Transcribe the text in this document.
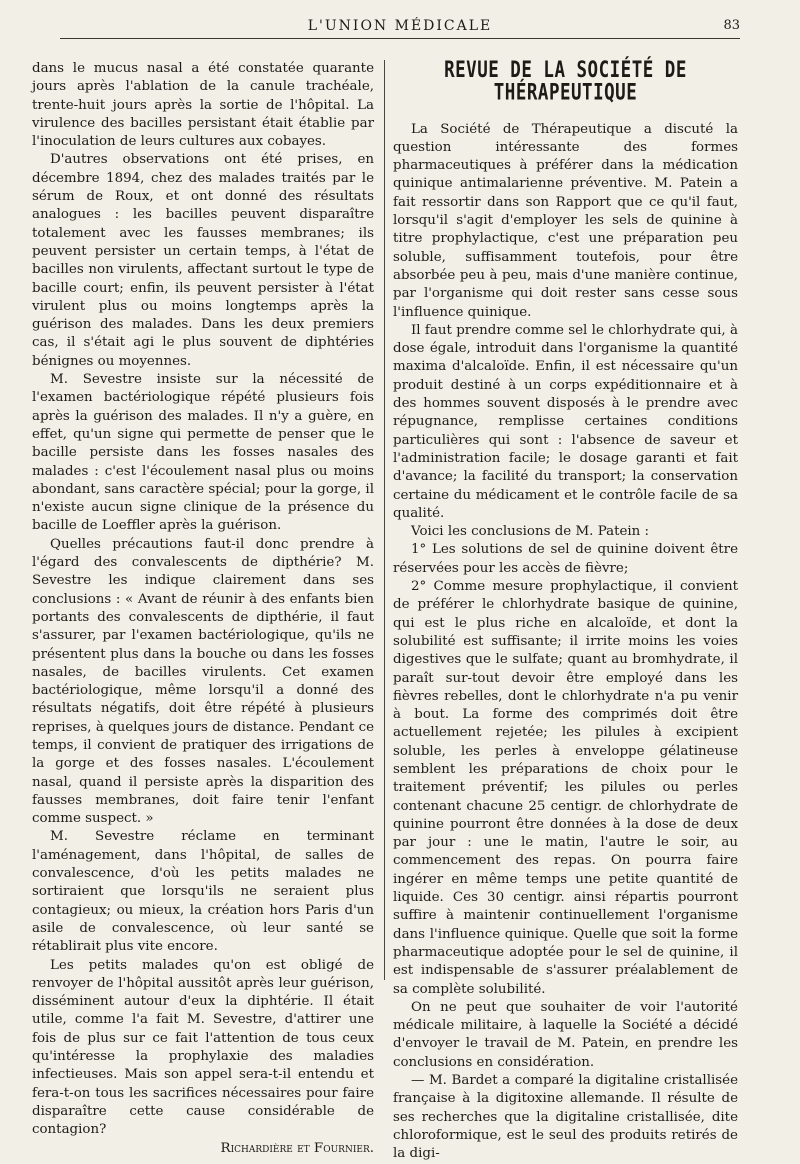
L'UNION MÉDICALE	83

dans le mucus nasal a été constatée quarante jours après l'ablation de la canule trachéale, trente-huit jours après la sortie de l'hôpital. La virulence des bacilles persistant était établie par l'inoculation de leurs cultures aux cobayes.

D'autres observations ont été prises, en décembre 1894, chez des malades traités par le sérum de Roux, et ont donné des résultats analogues : les bacilles peuvent disparaître totalement avec les fausses membranes; ils peuvent persister un certain temps, à l'état de bacilles non virulents, affectant surtout le type de bacille court; enfin, ils peuvent persister à l'état virulent plus ou moins longtemps après la guérison des malades. Dans les deux premiers cas, il s'était agi le plus souvent de diphtéries bénignes ou moyennes.

M. Sevestre insiste sur la nécessité de l'examen bactériologique répété plusieurs fois après la guérison des malades. Il n'y a guère, en effet, qu'un signe qui permette de penser que le bacille persiste dans les fosses nasales des malades : c'est l'écoulement nasal plus ou moins abondant, sans caractère spécial; pour la gorge, il n'existe aucun signe clinique de la présence du bacille de Loeffler après la guérison.

Quelles précautions faut-il donc prendre à l'égard des convalescents de dipthérie? M. Sevestre les indique clairement dans ses conclusions : « Avant de réunir à des enfants bien portants des convalescents de dipthérie, il faut s'assurer, par l'examen bactériologique, qu'ils ne présentent plus dans la bouche ou dans les fosses nasales, de bacilles virulents. Cet examen bactériologique, même lorsqu'il a donné des résultats négatifs, doit être répété à plusieurs reprises, à quelques jours de distance. Pendant ce temps, il convient de pratiquer des irrigations de la gorge et des fosses nasales. L'écoulement nasal, quand il persiste après la disparition des fausses membranes, doit faire tenir l'enfant comme suspect. »

M. Sevestre réclame en terminant l'aménagement, dans l'hôpital, de salles de convalescence, d'où les petits malades ne sortiraient que lorsqu'ils ne seraient plus contagieux; ou mieux, la création hors Paris d'un asile de convalescence, où leur santé se rétablirait plus vite encore.

Les petits malades qu'on est obligé de renvoyer de l'hôpital aussitôt après leur guérison, disséminent autour d'eux la diphtérie. Il était utile, comme l'a fait M. Sevestre, d'attirer une fois de plus sur ce fait l'attention de tous ceux qu'intéresse la prophylaxie des maladies infectieuses. Mais son appel sera-t-il entendu et fera-t-on tous les sacrifices nécessaires pour faire disparaître cette cause considérable de contagion?

Richardière et Fournier.

REVUE DE LA SOCIÉTÉ DE THÉRAPEUTIQUE

La Société de Thérapeutique a discuté la question intéressante des formes pharmaceutiques à préférer dans la médication quinique antimalarienne préventive. M. Patein a fait ressortir dans son Rapport que ce qu'il faut, lorsqu'il s'agit d'employer les sels de quinine à titre prophylactique, c'est une préparation peu soluble, suffisamment toutefois, pour être absorbée peu à peu, mais d'une manière continue, par l'organisme qui doit rester sans cesse sous l'influence quinique.

Il faut prendre comme sel le chlorhydrate qui, à dose égale, introduit dans l'organisme la quantité maxima d'alcaloïde. Enfin, il est nécessaire qu'un produit destiné à un corps expéditionnaire et à des hommes souvent disposés à le prendre avec répugnance, remplisse certaines conditions particulières qui sont : l'absence de saveur et l'administration facile; le dosage garanti et fait d'avance; la facilité du transport; la conservation certaine du médicament et le contrôle facile de sa qualité.

Voici les conclusions de M. Patein :

1° Les solutions de sel de quinine doivent être réservées pour les accès de fièvre;

2° Comme mesure prophylactique, il convient de préférer le chlorhydrate basique de quinine, qui est le plus riche en alcaloïde, et dont la solubilité est suffisante; il irrite moins les voies digestives que le sulfate; quant au bromhydrate, il paraît sur-tout devoir être employé dans les fièvres rebelles, dont le chlorhydrate n'a pu venir à bout. La forme des comprimés doit être actuellement rejetée; les pilules à excipient soluble, les perles à enveloppe gélatineuse semblent les préparations de choix pour le traitement préventif; les pilules ou perles contenant chacune 25 centigr. de chlorhydrate de quinine pourront être données à la dose de deux par jour : une le matin, l'autre le soir, au commencement des repas. On pourra faire ingérer en même temps une petite quantité de liquide. Ces 30 centigr. ainsi répartis pourront suffire à maintenir continuellement l'organisme dans l'influence quinique. Quelle que soit la forme pharmaceutique adoptée pour le sel de quinine, il est indispensable de s'assurer préalablement de sa complète solubilité.

On ne peut que souhaiter de voir l'autorité médicale militaire, à laquelle la Société a décidé d'envoyer le travail de M. Patein, en prendre les conclusions en considération.

— M. Bardet a comparé la digitaline cristallisée française à la digitoxine allemande. Il résulte de ses recherches que la digitaline cristallisée, dite chloroformique, est le seul des produits retirés de la digi-
